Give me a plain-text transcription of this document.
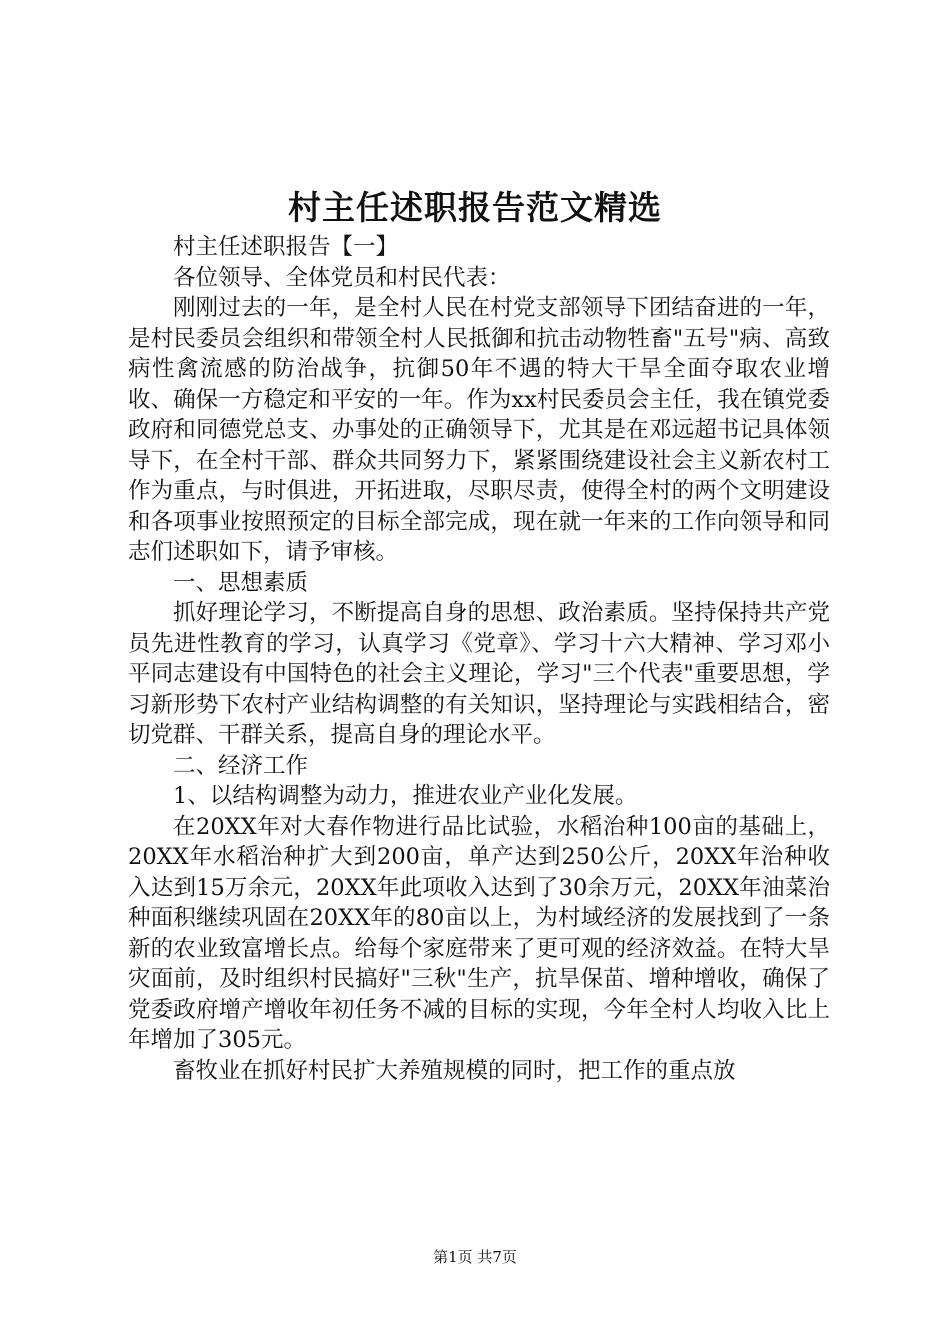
村主任述职报告范文精选

村主任述职报告【一】

各位领导、全体党员和村民代表：

刚刚过去的一年，是全村人民在村党支部领导下团结奋进的一年，是村民委员会组织和带领全村人民抵御和抗击动物牲畜"五号"病、高致病性禽流感的防治战争，抗御50年不遇的特大干旱全面夺取农业增收、确保一方稳定和平安的一年。作为xx村民委员会主任，我在镇党委政府和同德党总支、办事处的正确领导下，尤其是在邓远超书记具体领导下，在全村干部、群众共同努力下，紧紧围绕建设社会主义新农村工作为重点，与时俱进，开拓进取，尽职尽责，使得全村的两个文明建设和各项事业按照预定的目标全部完成，现在就一年来的工作向领导和同志们述职如下，请予审核。

一、思想素质

抓好理论学习，不断提高自身的思想、政治素质。坚持保持共产党员先进性教育的学习，认真学习《党章》、学习十六大精神、学习邓小平同志建设有中国特色的社会主义理论，学习"三个代表"重要思想，学习新形势下农村产业结构调整的有关知识，坚持理论与实践相结合，密切党群、干群关系，提高自身的理论水平。

二、经济工作

1、以结构调整为动力，推进农业产业化发展。

在20XX年对大春作物进行品比试验，水稻治种100亩的基础上，20XX年水稻治种扩大到200亩，单产达到250公斤，20XX年治种收入达到15万余元，20XX年此项收入达到了30余万元，20XX年油菜治种面积继续巩固在20XX年的80亩以上，为村域经济的发展找到了一条新的农业致富增长点。给每个家庭带来了更可观的经济效益。在特大旱灾面前，及时组织村民搞好"三秋"生产，抗旱保苗、增种增收，确保了党委政府增产增收年初任务不减的目标的实现，今年全村人均收入比上年增加了305元。

畜牧业在抓好村民扩大养殖规模的同时，把工作的重点放

第1页 共7页
